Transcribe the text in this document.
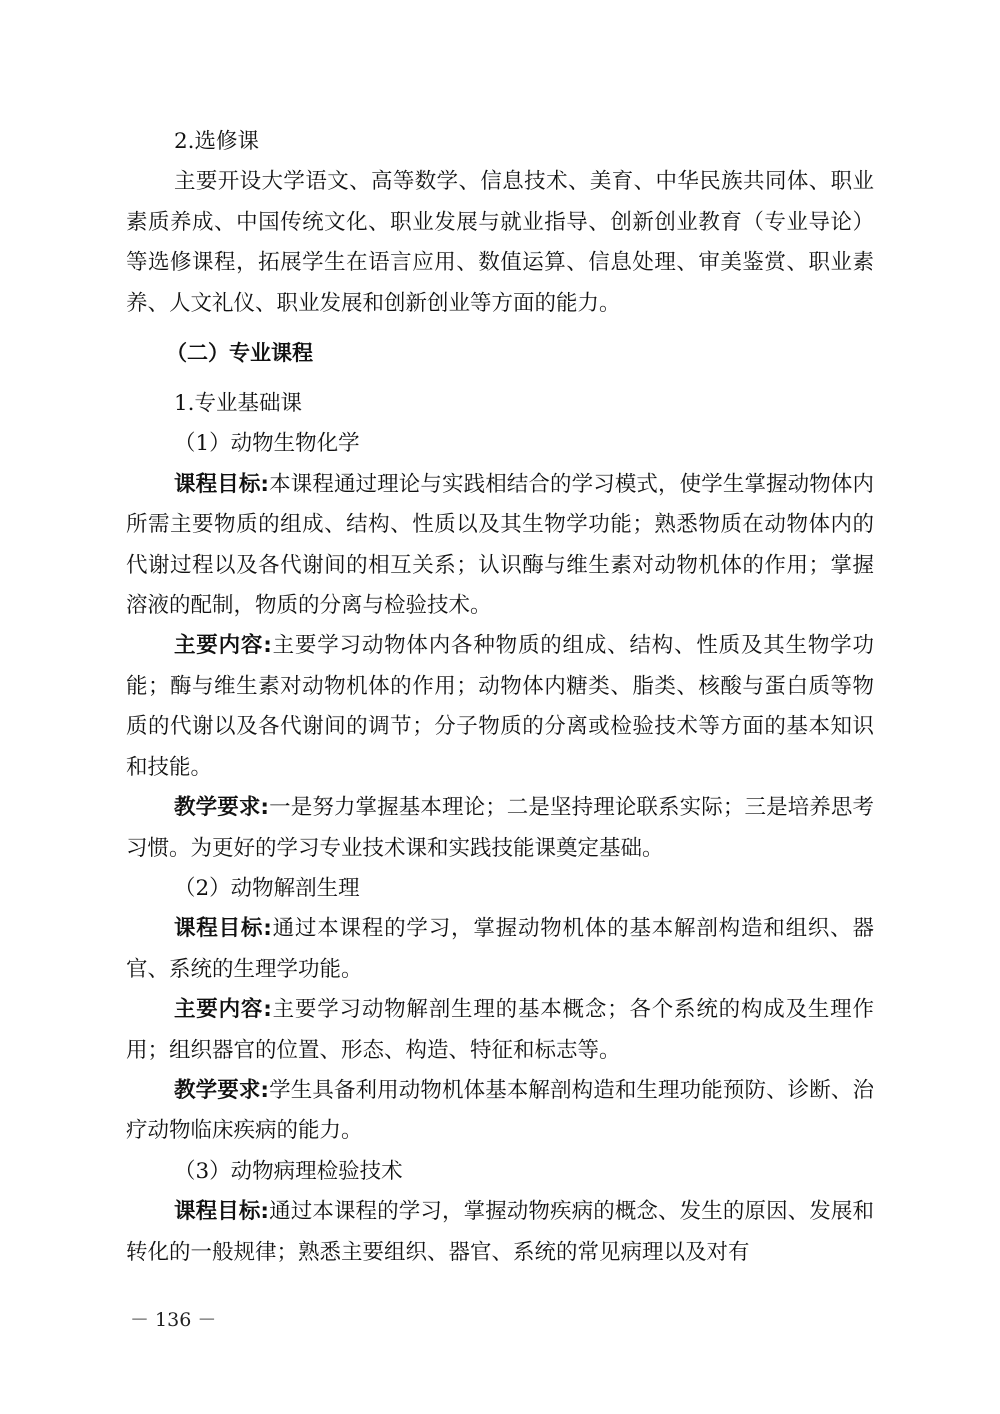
2.选修课

主要开设大学语文、高等数学、信息技术、美育、中华民族共同体、职业素质养成、中国传统文化、职业发展与就业指导、创新创业教育（专业导论）等选修课程，拓展学生在语言应用、数值运算、信息处理、审美鉴赏、职业素养、人文礼仪、职业发展和创新创业等方面的能力。

（二）专业课程

1.专业基础课

（1）动物生物化学

课程目标:本课程通过理论与实践相结合的学习模式，使学生掌握动物体内所需主要物质的组成、结构、性质以及其生物学功能；熟悉物质在动物体内的代谢过程以及各代谢间的相互关系；认识酶与维生素对动物机体的作用；掌握溶液的配制，物质的分离与检验技术。

主要内容:主要学习动物体内各种物质的组成、结构、性质及其生物学功能；酶与维生素对动物机体的作用；动物体内糖类、脂类、核酸与蛋白质等物质的代谢以及各代谢间的调节；分子物质的分离或检验技术等方面的基本知识和技能。

教学要求:一是努力掌握基本理论；二是坚持理论联系实际；三是培养思考习惯。为更好的学习专业技术课和实践技能课奠定基础。

（2）动物解剖生理

课程目标:通过本课程的学习，掌握动物机体的基本解剖构造和组织、器官、系统的生理学功能。

主要内容:主要学习动物解剖生理的基本概念；各个系统的构成及生理作用；组织器官的位置、形态、构造、特征和标志等。

教学要求:学生具备利用动物机体基本解剖构造和生理功能预防、诊断、治疗动物临床疾病的能力。

（3）动物病理检验技术

课程目标:通过本课程的学习，掌握动物疾病的概念、发生的原因、发展和转化的一般规律；熟悉主要组织、器官、系统的常见病理以及对有

－ 136 －
